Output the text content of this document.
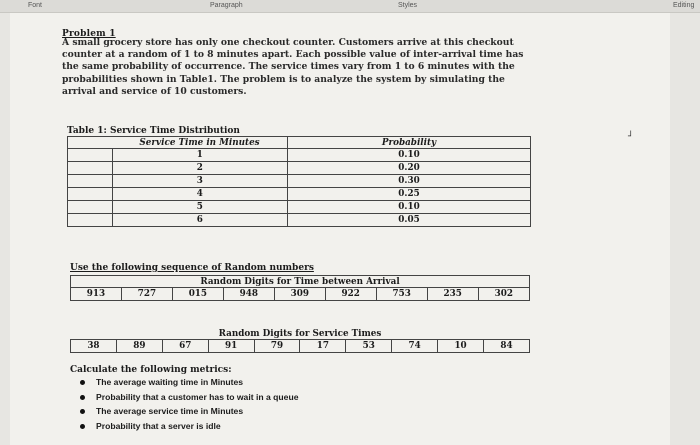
Font	Paragraph	Styles	Editing
Problem 1
A small grocery store has only one checkout counter. Customers arrive at this checkout counter at a random of 1 to 8 minutes apart. Each possible value of inter-arrival time has the same probability of occurrence. The service times vary from 1 to 6 minutes with the probabilities shown in Table1. The problem is to analyze the system by simulating the arrival and service of 10 customers.
Table 1: Service Time Distribution
	Service Time in Minutes	Probability
	1	0.10
	2	0.20
	3	0.30
	4	0.25
	5	0.10
	6	0.05
Use the following sequence of Random numbers
Random Digits for Time between Arrival
913	727	015	948	309	922	753	235	302
Random Digits for Service Times
38	89	67	91	79	17	53	74	10	84
Calculate the following metrics:
The average waiting time in Minutes
Probability that a customer has to wait in a queue
The average service time in Minutes
Probability that a server is idle
┘
